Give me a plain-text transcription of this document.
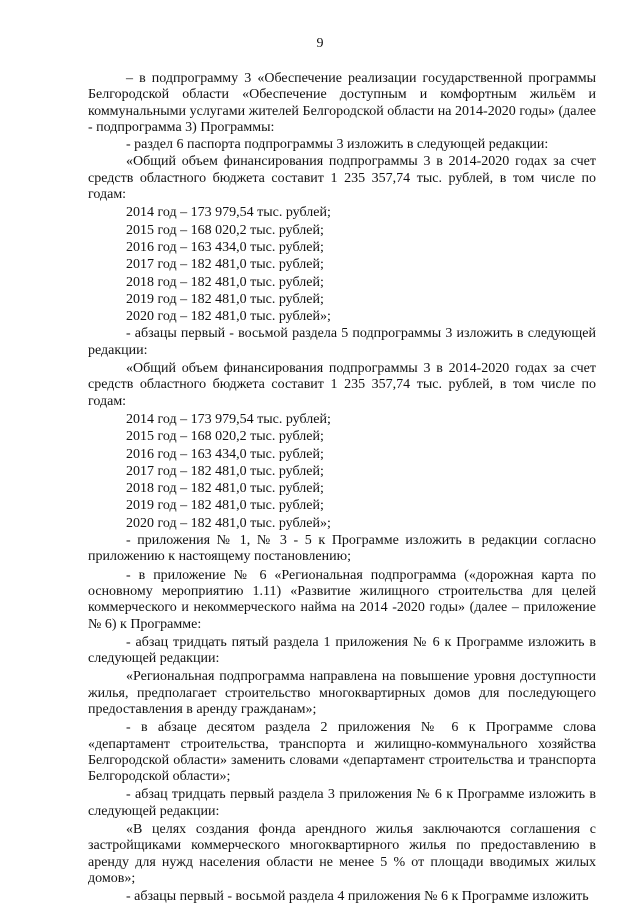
9

– в подпрограмму 3 «Обеспечение реализации государственной программы Белгородской области «Обеспечение доступным и комфортным жильём и коммунальными услугами жителей Белгородской области на 2014-2020 годы» (далее - подпрограмма 3) Программы:

- раздел 6 паспорта подпрограммы 3 изложить в следующей редакции:

«Общий объем финансирования подпрограммы 3 в 2014-2020 годах за счет средств областного бюджета составит 1 235 357,74 тыс. рублей, в том числе по годам:

2014 год – 173 979,54 тыс. рублей;

2015 год – 168 020,2 тыс. рублей;

2016 год – 163 434,0 тыс. рублей;

2017 год – 182 481,0 тыс. рублей;

2018 год – 182 481,0 тыс. рублей;

2019 год – 182 481,0 тыс. рублей;

2020 год – 182 481,0 тыс. рублей»;

- абзацы первый - восьмой раздела 5 подпрограммы 3 изложить в следующей редакции:

«Общий объем финансирования подпрограммы 3 в 2014-2020 годах за счет средств областного бюджета составит 1 235 357,74 тыс. рублей, в том числе по годам:

2014 год – 173 979,54 тыс. рублей;

2015 год – 168 020,2 тыс. рублей;

2016 год – 163 434,0 тыс. рублей;

2017 год – 182 481,0 тыс. рублей;

2018 год – 182 481,0 тыс. рублей;

2019 год – 182 481,0 тыс. рублей;

2020 год – 182 481,0 тыс. рублей»;

- приложения № 1, № 3 - 5 к Программе изложить в редакции согласно приложению к настоящему постановлению;

- в приложение № 6 «Региональная подпрограмма («дорожная карта по основному мероприятию 1.11) «Развитие жилищного строительства для целей коммерческого и некоммерческого найма на 2014 -2020 годы» (далее – приложение № 6) к Программе:

- абзац тридцать пятый раздела 1 приложения № 6 к Программе изложить в следующей редакции:

«Региональная подпрограмма направлена на повышение уровня доступности жилья, предполагает строительство многоквартирных домов для последующего предоставления в аренду гражданам»;

- в абзаце десятом раздела 2 приложения № 6 к Программе слова «департамент строительства, транспорта и жилищно-коммунального хозяйства Белгородской области» заменить словами «департамент строительства и транспорта Белгородской области»;

- абзац тридцать первый раздела 3 приложения № 6 к Программе изложить в следующей редакции:

«В целях создания фонда арендного жилья заключаются соглашения с застройщиками коммерческого многоквартирного жилья по предоставлению в аренду для нужд населения области не менее 5 % от площади вводимых жилых домов»;

- абзацы первый - восьмой раздела 4 приложения № 6 к Программе изложить
